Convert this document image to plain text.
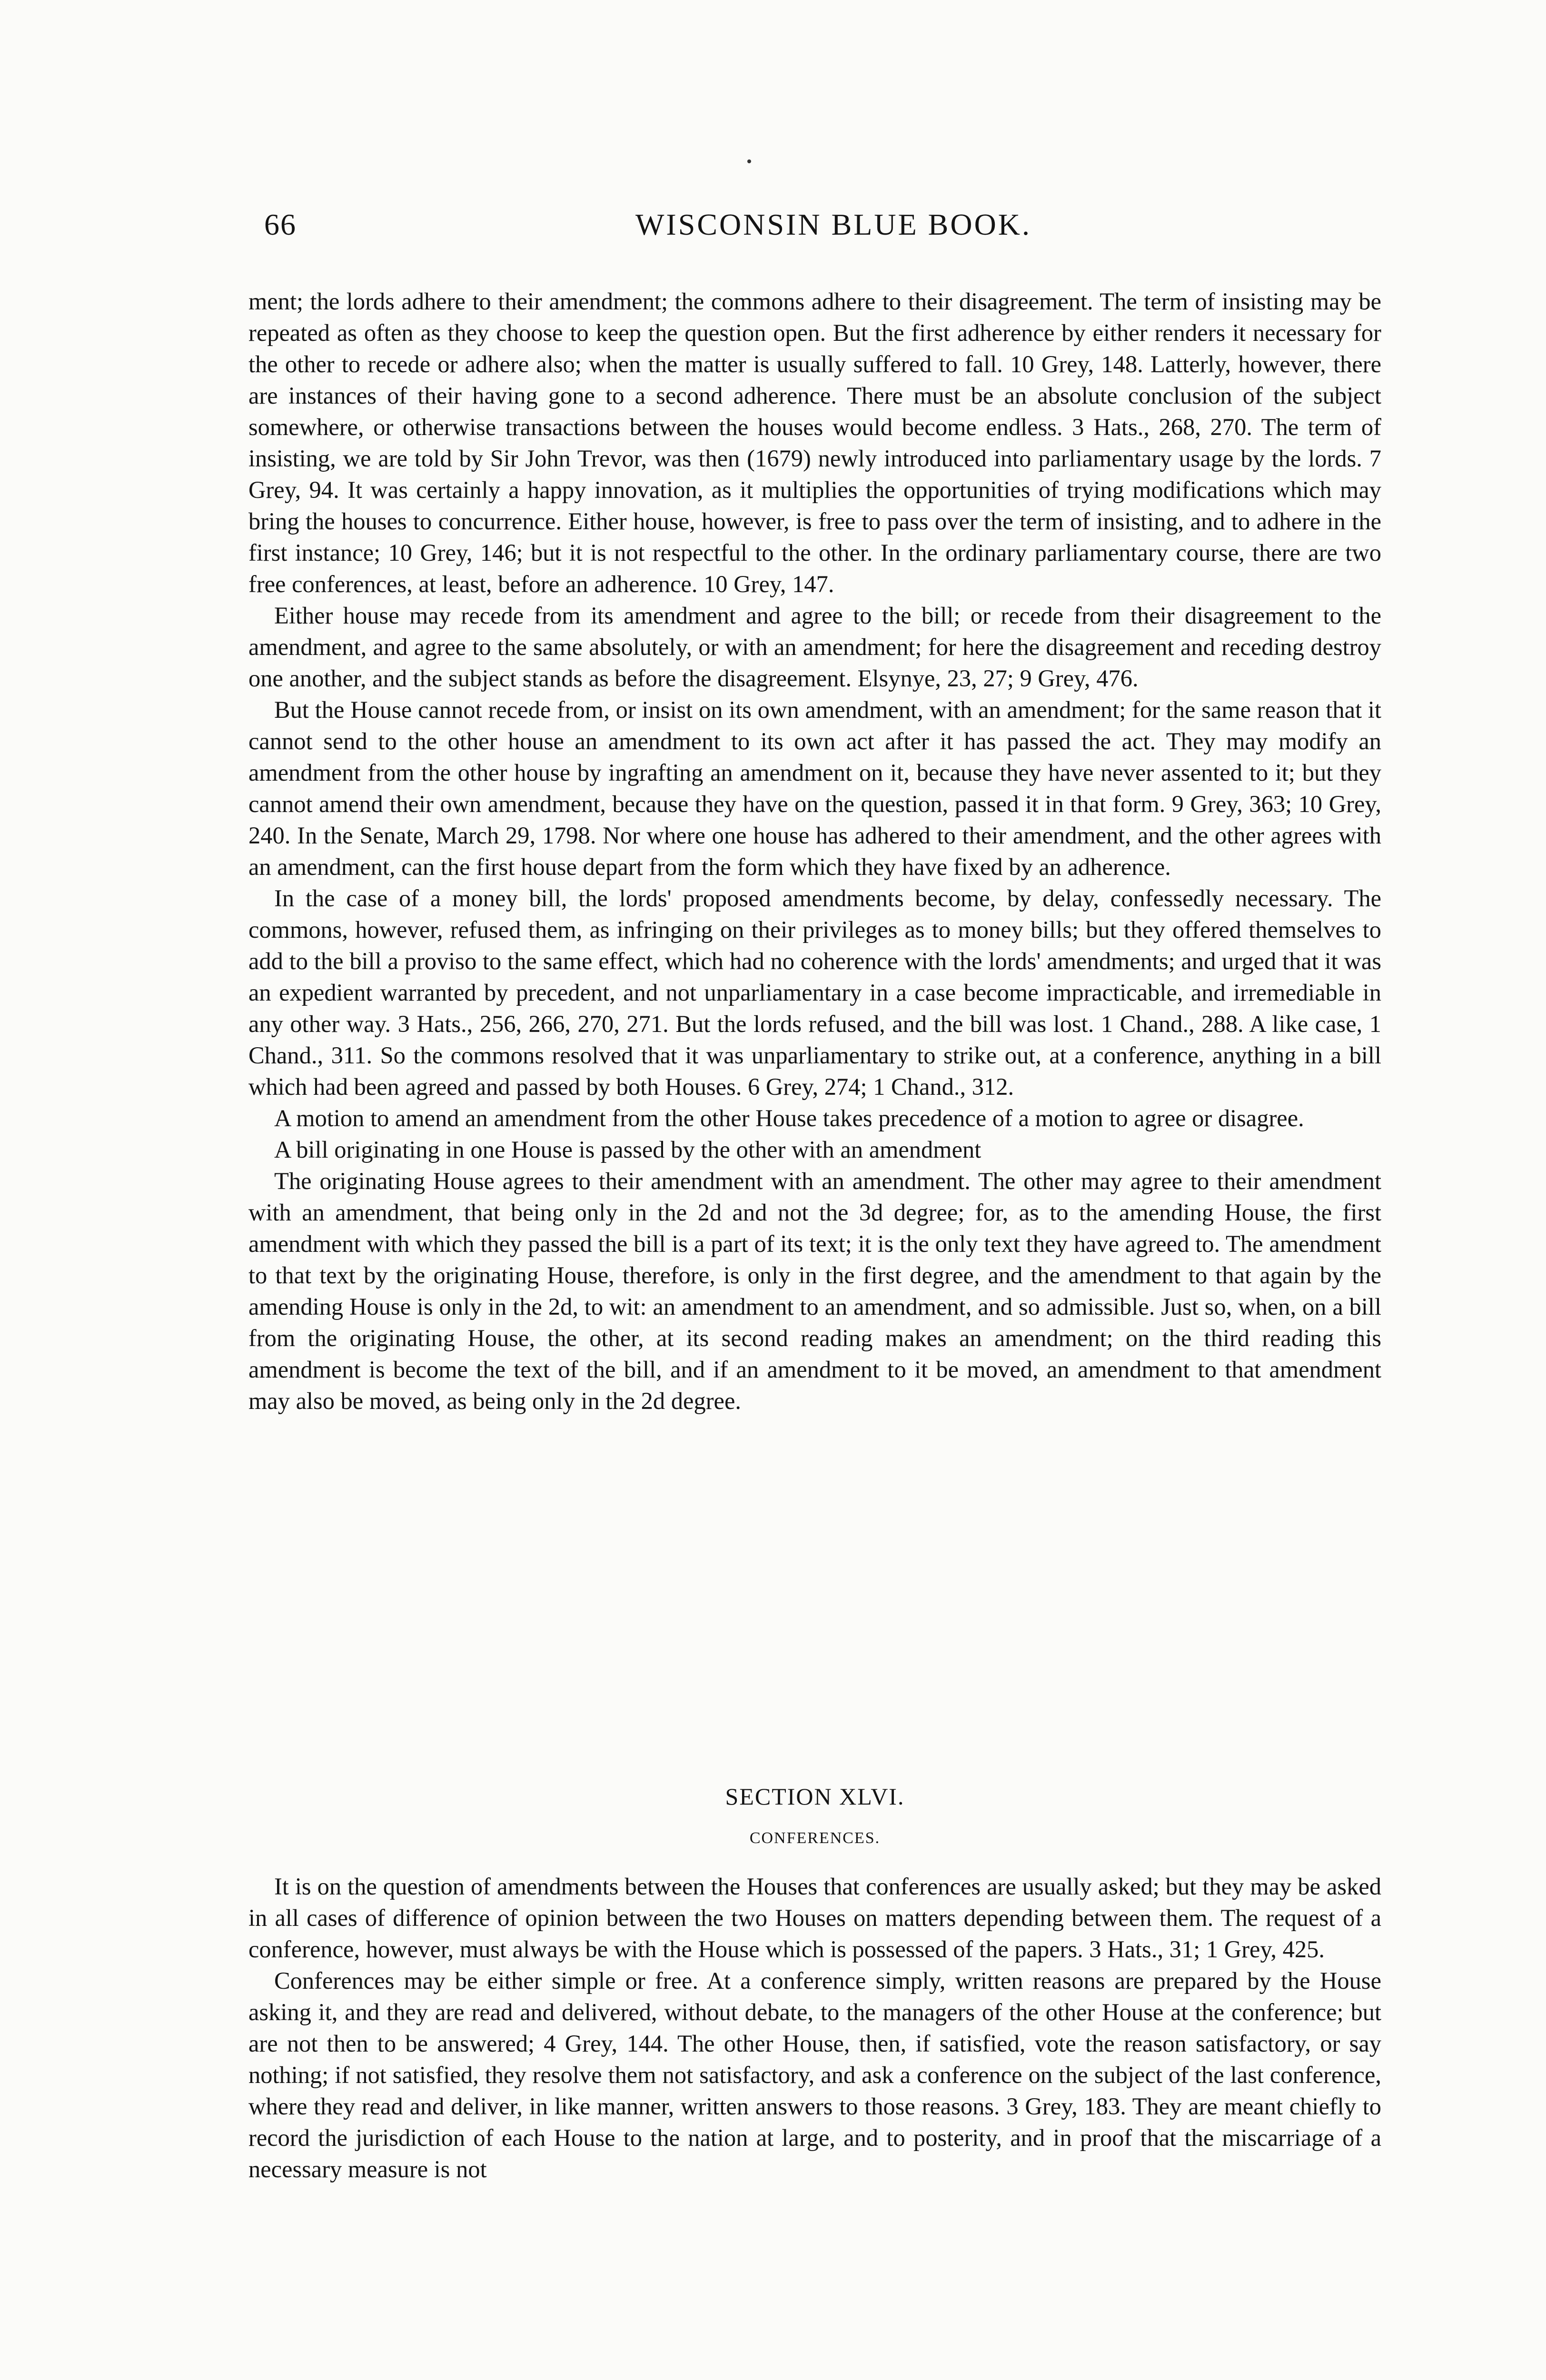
66	WISCONSIN BLUE BOOK.

ment; the lords adhere to their amendment; the commons adhere to their disagreement. The term of insisting may be repeated as often as they choose to keep the question open. But the first adherence by either renders it necessary for the other to recede or adhere also; when the matter is usually suffered to fall. 10 Grey, 148. Latterly, however, there are instances of their having gone to a second adherence. There must be an absolute conclusion of the subject somewhere, or otherwise transactions between the houses would become endless. 3 Hats., 268, 270. The term of insisting, we are told by Sir John Trevor, was then (1679) newly introduced into parliamentary usage by the lords. 7 Grey, 94. It was certainly a happy innovation, as it multiplies the opportunities of trying modifications which may bring the houses to concurrence. Either house, however, is free to pass over the term of insisting, and to adhere in the first instance; 10 Grey, 146; but it is not respectful to the other. In the ordinary parliamentary course, there are two free conferences, at least, before an adherence. 10 Grey, 147.

Either house may recede from its amendment and agree to the bill; or recede from their disagreement to the amendment, and agree to the same absolutely, or with an amendment; for here the disagreement and receding destroy one another, and the subject stands as before the disagreement. Elsynye, 23, 27; 9 Grey, 476.

But the House cannot recede from, or insist on its own amendment, with an amendment; for the same reason that it cannot send to the other house an amendment to its own act after it has passed the act. They may modify an amendment from the other house by ingrafting an amendment on it, because they have never assented to it; but they cannot amend their own amendment, because they have on the question, passed it in that form. 9 Grey, 363; 10 Grey, 240. In the Senate, March 29, 1798. Nor where one house has adhered to their amendment, and the other agrees with an amendment, can the first house depart from the form which they have fixed by an adherence.

In the case of a money bill, the lords' proposed amendments become, by delay, confessedly necessary. The commons, however, refused them, as infringing on their privileges as to money bills; but they offered themselves to add to the bill a proviso to the same effect, which had no coherence with the lords' amendments; and urged that it was an expedient warranted by precedent, and not unparliamentary in a case become impracticable, and irremediable in any other way. 3 Hats., 256, 266, 270, 271. But the lords refused, and the bill was lost. 1 Chand., 288. A like case, 1 Chand., 311. So the commons resolved that it was unparliamentary to strike out, at a conference, anything in a bill which had been agreed and passed by both Houses. 6 Grey, 274; 1 Chand., 312.

A motion to amend an amendment from the other House takes precedence of a motion to agree or disagree.

A bill originating in one House is passed by the other with an amendment

The originating House agrees to their amendment with an amendment. The other may agree to their amendment with an amendment, that being only in the 2d and not the 3d degree; for, as to the amending House, the first amendment with which they passed the bill is a part of its text; it is the only text they have agreed to. The amendment to that text by the originating House, therefore, is only in the first degree, and the amendment to that again by the amending House is only in the 2d, to wit: an amendment to an amendment, and so admissible. Just so, when, on a bill from the originating House, the other, at its second reading makes an amendment; on the third reading this amendment is become the text of the bill, and if an amendment to it be moved, an amendment to that amendment may also be moved, as being only in the 2d degree.

SECTION XLVI.

CONFERENCES.

It is on the question of amendments between the Houses that conferences are usually asked; but they may be asked in all cases of difference of opinion between the two Houses on matters depending between them. The request of a conference, however, must always be with the House which is possessed of the papers. 3 Hats., 31; 1 Grey, 425.

Conferences may be either simple or free. At a conference simply, written reasons are prepared by the House asking it, and they are read and delivered, without debate, to the managers of the other House at the conference; but are not then to be answered; 4 Grey, 144. The other House, then, if satisfied, vote the reason satisfactory, or say nothing; if not satisfied, they resolve them not satisfactory, and ask a conference on the subject of the last conference, where they read and deliver, in like manner, written answers to those reasons. 3 Grey, 183. They are meant chiefly to record the jurisdiction of each House to the nation at large, and to posterity, and in proof that the miscarriage of a necessary measure is not
